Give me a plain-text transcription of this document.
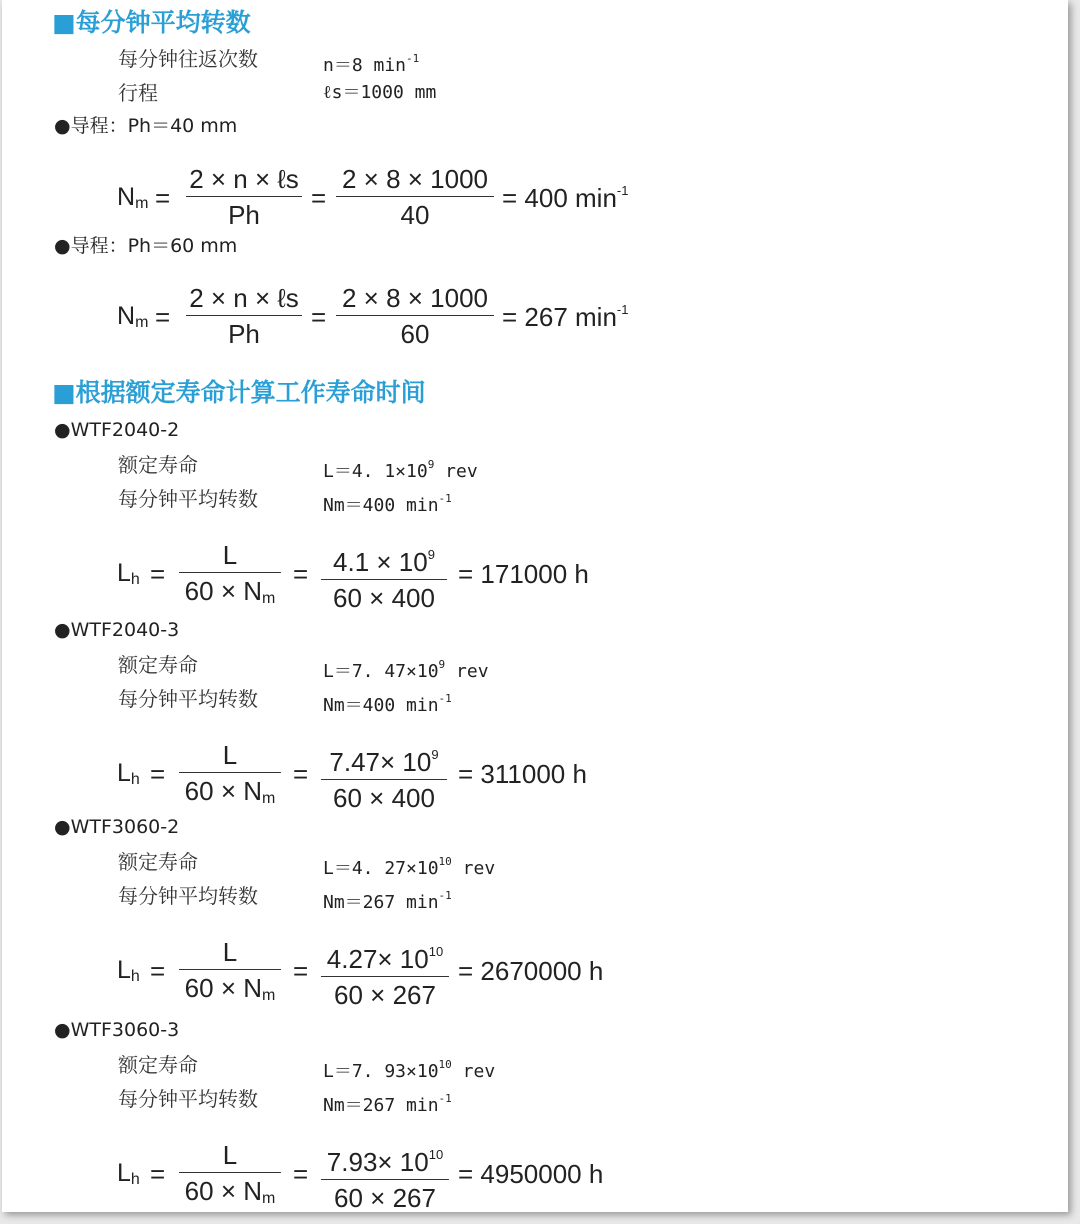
■每分钟平均转数
每分钟往返次数	n＝8 $\min^{-1}$
行程	ℓs＝1000 mm
●导程：Ph＝40 mm
$N_m$ =
2 × n × ℓs
Ph
=
2 × 8 × 1000
40
= 400 $\min^{-1}$
●导程：Ph＝60 mm
$N_m$ =
2 × n × ℓs
Ph
=
2 × 8 × 1000
60
= 267 $\min^{-1}$
■根据额定寿命计算工作寿命时间
●WTF2040-2
额定寿命	L＝4. $1\times 10^9$ rev
每分钟平均转数	Nm＝400 $\min^{-1}$
$L_h$ =
L
$60 \times N_m$
= $4.1 \times 10^9$
60 × 400
= 171000 h
●WTF2040-3
额定寿命	L＝7. $47\times 10^9$ rev
每分钟平均转数	Nm＝400 $\min^{-1}$
$L_h$ =
L
$60 \times N_m$
= $7.47\times 10^9$
60 × 400
= 311000 h
●WTF3060-2
额定寿命	L＝4. $27\times 10^{10}$ rev
每分钟平均转数	Nm＝267 $\min^{-1}$
$L_h$ =
L
$60 \times N_m$
= $4.27\times 10^{10}$
60 × 267
= 2670000 h
●WTF3060-3
额定寿命	L＝7. $93\times 10^{10}$ rev
每分钟平均转数	Nm＝267 $\min^{-1}$
$L_h$ =
L
$60 \times N_m$
= $7.93\times 10^{10}$
60 × 267
= 4950000 h
